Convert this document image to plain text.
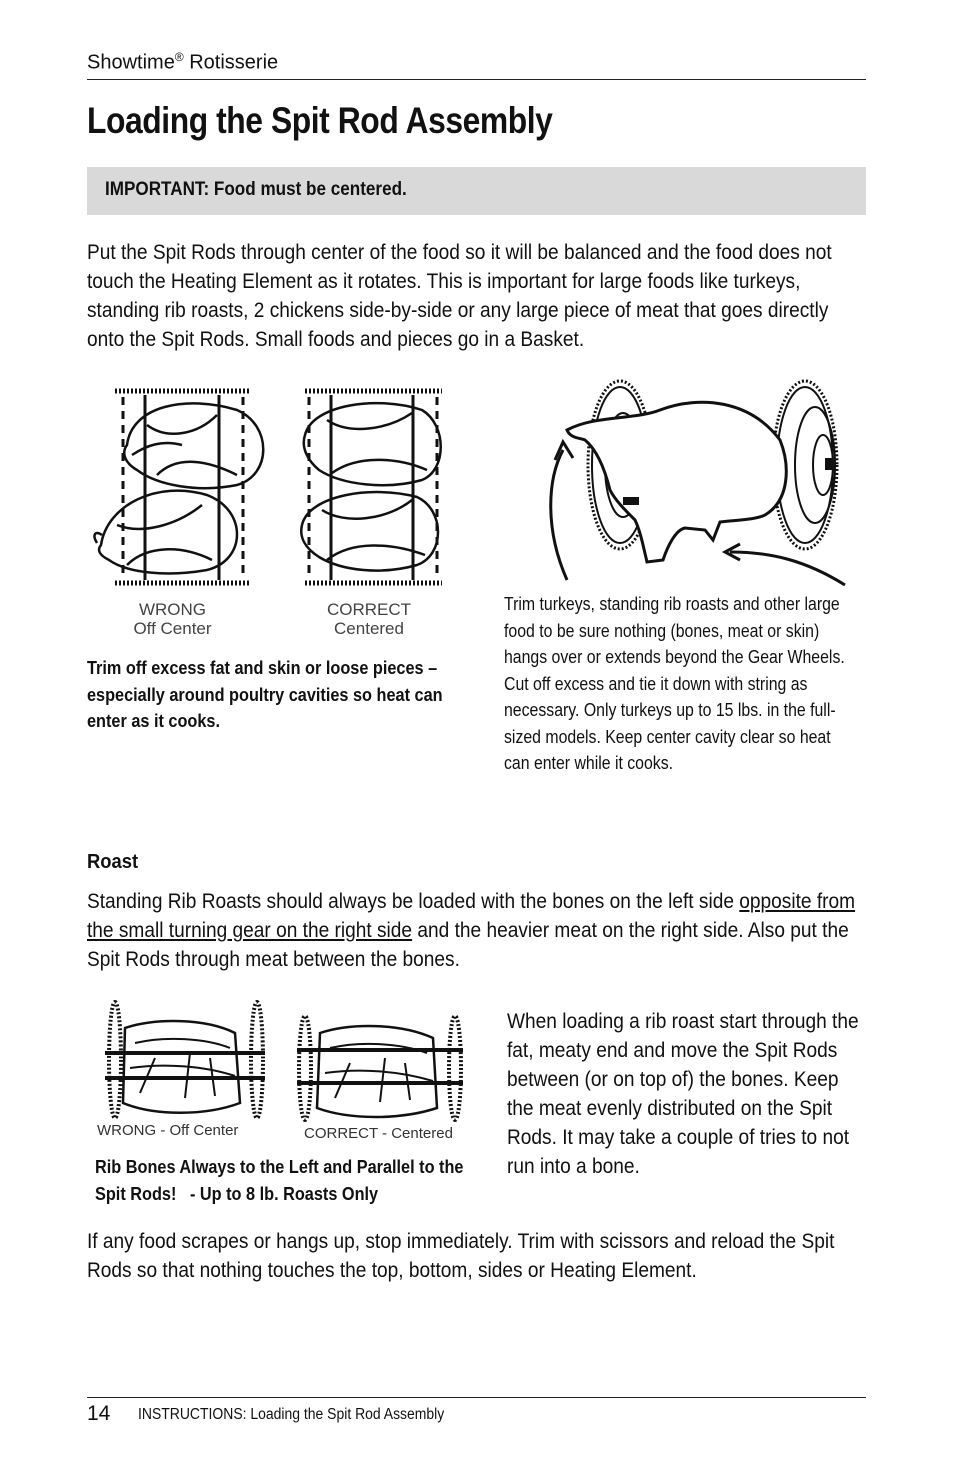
Showtime® Rotisserie
Loading the Spit Rod Assembly
IMPORTANT: Food must be centered.
Put the Spit Rods through center of the food so it will be balanced and the food does not touch the Heating Element as it rotates. This is important for large foods like turkeys, standing rib roasts, 2 chickens side-by-side or any large piece of meat that goes directly onto the Spit Rods. Small foods and pieces go in a Basket.
WRONG
Off Center
CORRECT
Centered
Trim off excess fat and skin or loose pieces – especially around poultry cavities so heat can enter as it cooks.
Trim turkeys, standing rib roasts and other large food to be sure nothing (bones, meat or skin) hangs over or extends beyond the Gear Wheels. Cut off excess and tie it down with string as necessary. Only turkeys up to 15 lbs. in the full-sized models. Keep center cavity clear so heat can enter while it cooks.
Roast
Standing Rib Roasts should always be loaded with the bones on the left side opposite from the small turning gear on the right side and the heavier meat on the right side. Also put the Spit Rods through meat between the bones.
WRONG - Off Center	CORRECT - Centered
Rib Bones Always to the Left and Parallel to the Spit Rods!   - Up to 8 lb. Roasts Only
When loading a rib roast start through the fat, meaty end and move the Spit Rods between (or on top of) the bones. Keep the meat evenly distributed on the Spit Rods. It may take a couple of tries to not run into a bone.
If any food scrapes or hangs up, stop immediately. Trim with scissors and reload the Spit Rods so that nothing touches the top, bottom, sides or Heating Element.
14 INSTRUCTIONS: Loading the Spit Rod Assembly
